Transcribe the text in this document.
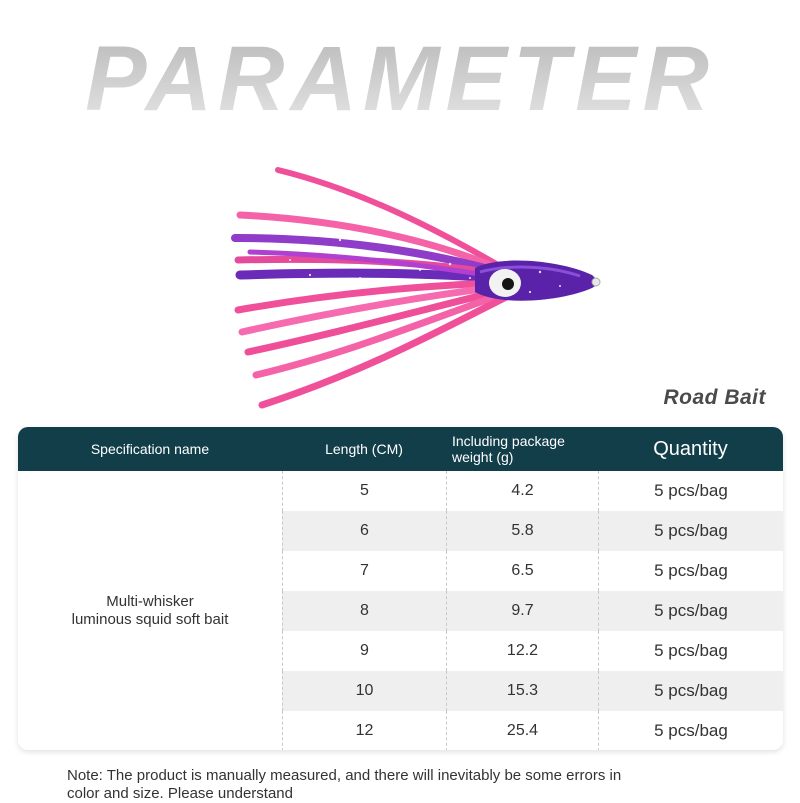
PARAMETER
Road Bait
Specification name	Length (CM)	Including package weight (g)	Quantity
Multi-whisker
luminous squid soft bait
5	4.2	5 pcs/bag
6	5.8	5 pcs/bag
7	6.5	5 pcs/bag
8	9.7	5 pcs/bag
9	12.2	5 pcs/bag
10	15.3	5 pcs/bag
12	25.4	5 pcs/bag
Note: The product is manually measured, and there will inevitably be some errors in color and size. Please understand
